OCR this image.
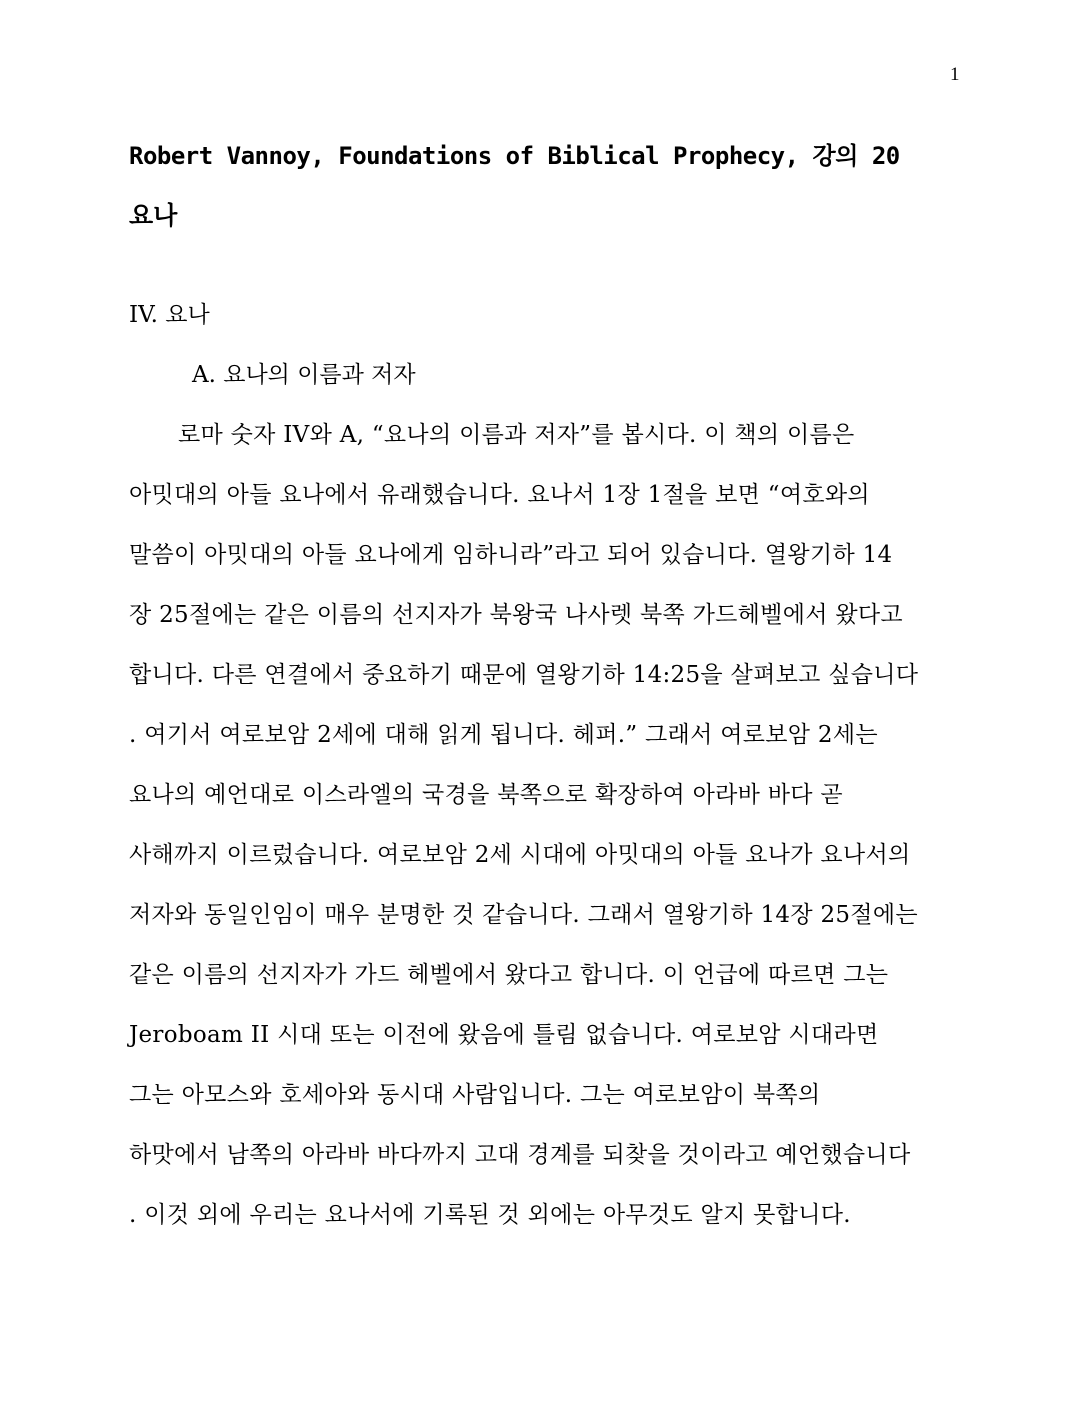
1
Robert Vannoy, Foundations of Biblical Prophecy, 강의 20
요나
IV. 요나
A. 요나의 이름과 저자
로마 숫자 IV와 A, “요나의 이름과 저자”를 봅시다. 이 책의 이름은
아밋대의 아들 요나에서 유래했습니다. 요나서 1장 1절을 보면 “여호와의
말씀이 아밋대의 아들 요나에게 임하니라”라고 되어 있습니다. 열왕기하 14
장 25절에는 같은 이름의 선지자가 북왕국 나사렛 북쪽 가드헤벨에서 왔다고
합니다. 다른 연결에서 중요하기 때문에 열왕기하 14:25을 살펴보고 싶습니다
. 여기서 여로보암 2세에 대해 읽게 됩니다. 헤퍼.” 그래서 여로보암 2세는
요나의 예언대로 이스라엘의 국경을 북쪽으로 확장하여 아라바 바다 곧
사해까지 이르렀습니다. 여로보암 2세 시대에 아밋대의 아들 요나가 요나서의
저자와 동일인임이 매우 분명한 것 같습니다. 그래서 열왕기하 14장 25절에는
같은 이름의 선지자가 가드 헤벨에서 왔다고 합니다. 이 언급에 따르면 그는
Jeroboam II 시대 또는 이전에 왔음에 틀림 없습니다. 여로보암 시대라면
그는 아모스와 호세아와 동시대 사람입니다. 그는 여로보암이 북쪽의
하맛에서 남쪽의 아라바 바다까지 고대 경계를 되찾을 것이라고 예언했습니다
. 이것 외에 우리는 요나서에 기록된 것 외에는 아무것도 알지 못합니다.
